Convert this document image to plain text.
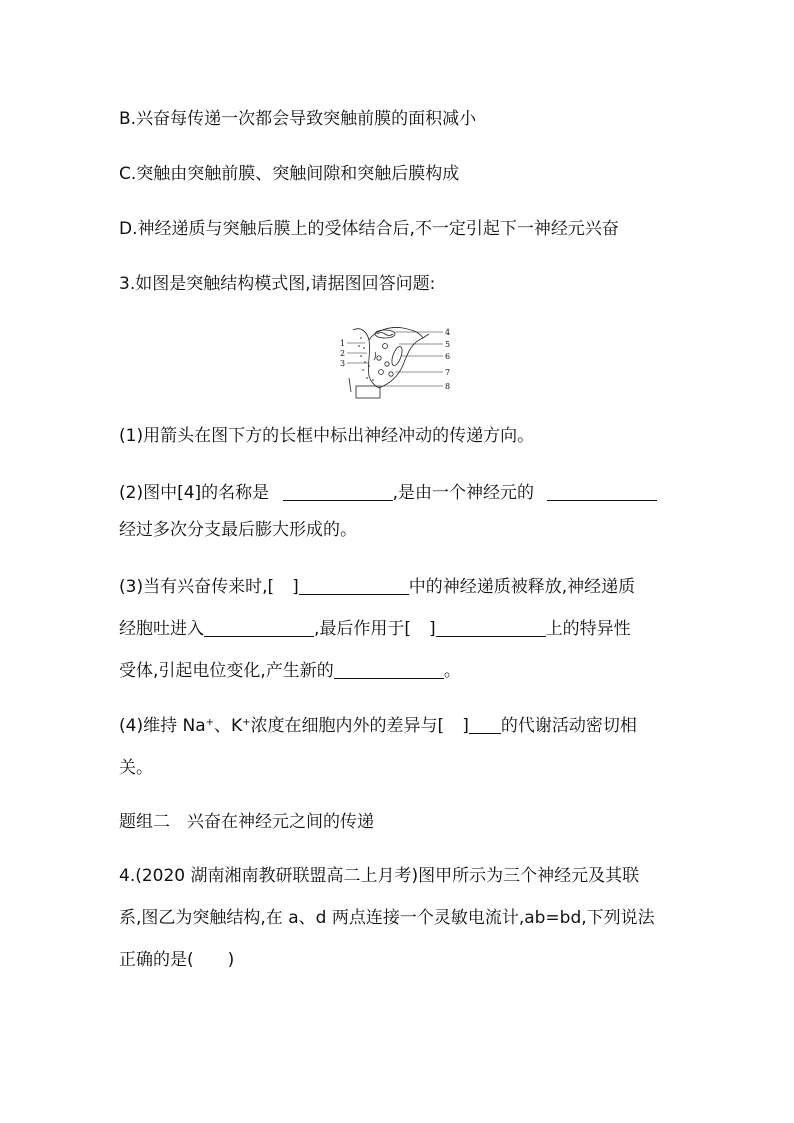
B.兴奋每传递一次都会导致突触前膜的面积减小
C.突触由突触前膜、突触间隙和突触后膜构成
D.神经递质与突触后膜上的受体结合后,不一定引起下一神经元兴奋
3.如图是突触结构模式图,请据图回答问题:
1
2
3
4
5
6
7
8
(1)用箭头在图下方的长框中标出神经冲动的传递方向。
(2)图中[4]的名称是	,是由一个神经元的
经过多次分支最后膨大形成的。
(3)当有兴奋传来时,[ ]	中的神经递质被释放,神经递质
经胞吐进入	,最后作用于[ ]	上的特异性
受体,引起电位变化,产生新的	。
(4)维持 Na+、K+浓度在细胞内外的差异与[ ] 的代谢活动密切相
关。
题组二　兴奋在神经元之间的传递
4.(2020 湖南湘南教研联盟高二上月考)图甲所示为三个神经元及其联
系,图乙为突触结构,在 a、d 两点连接一个灵敏电流计,ab=bd,下列说法
正确的是(　　)
